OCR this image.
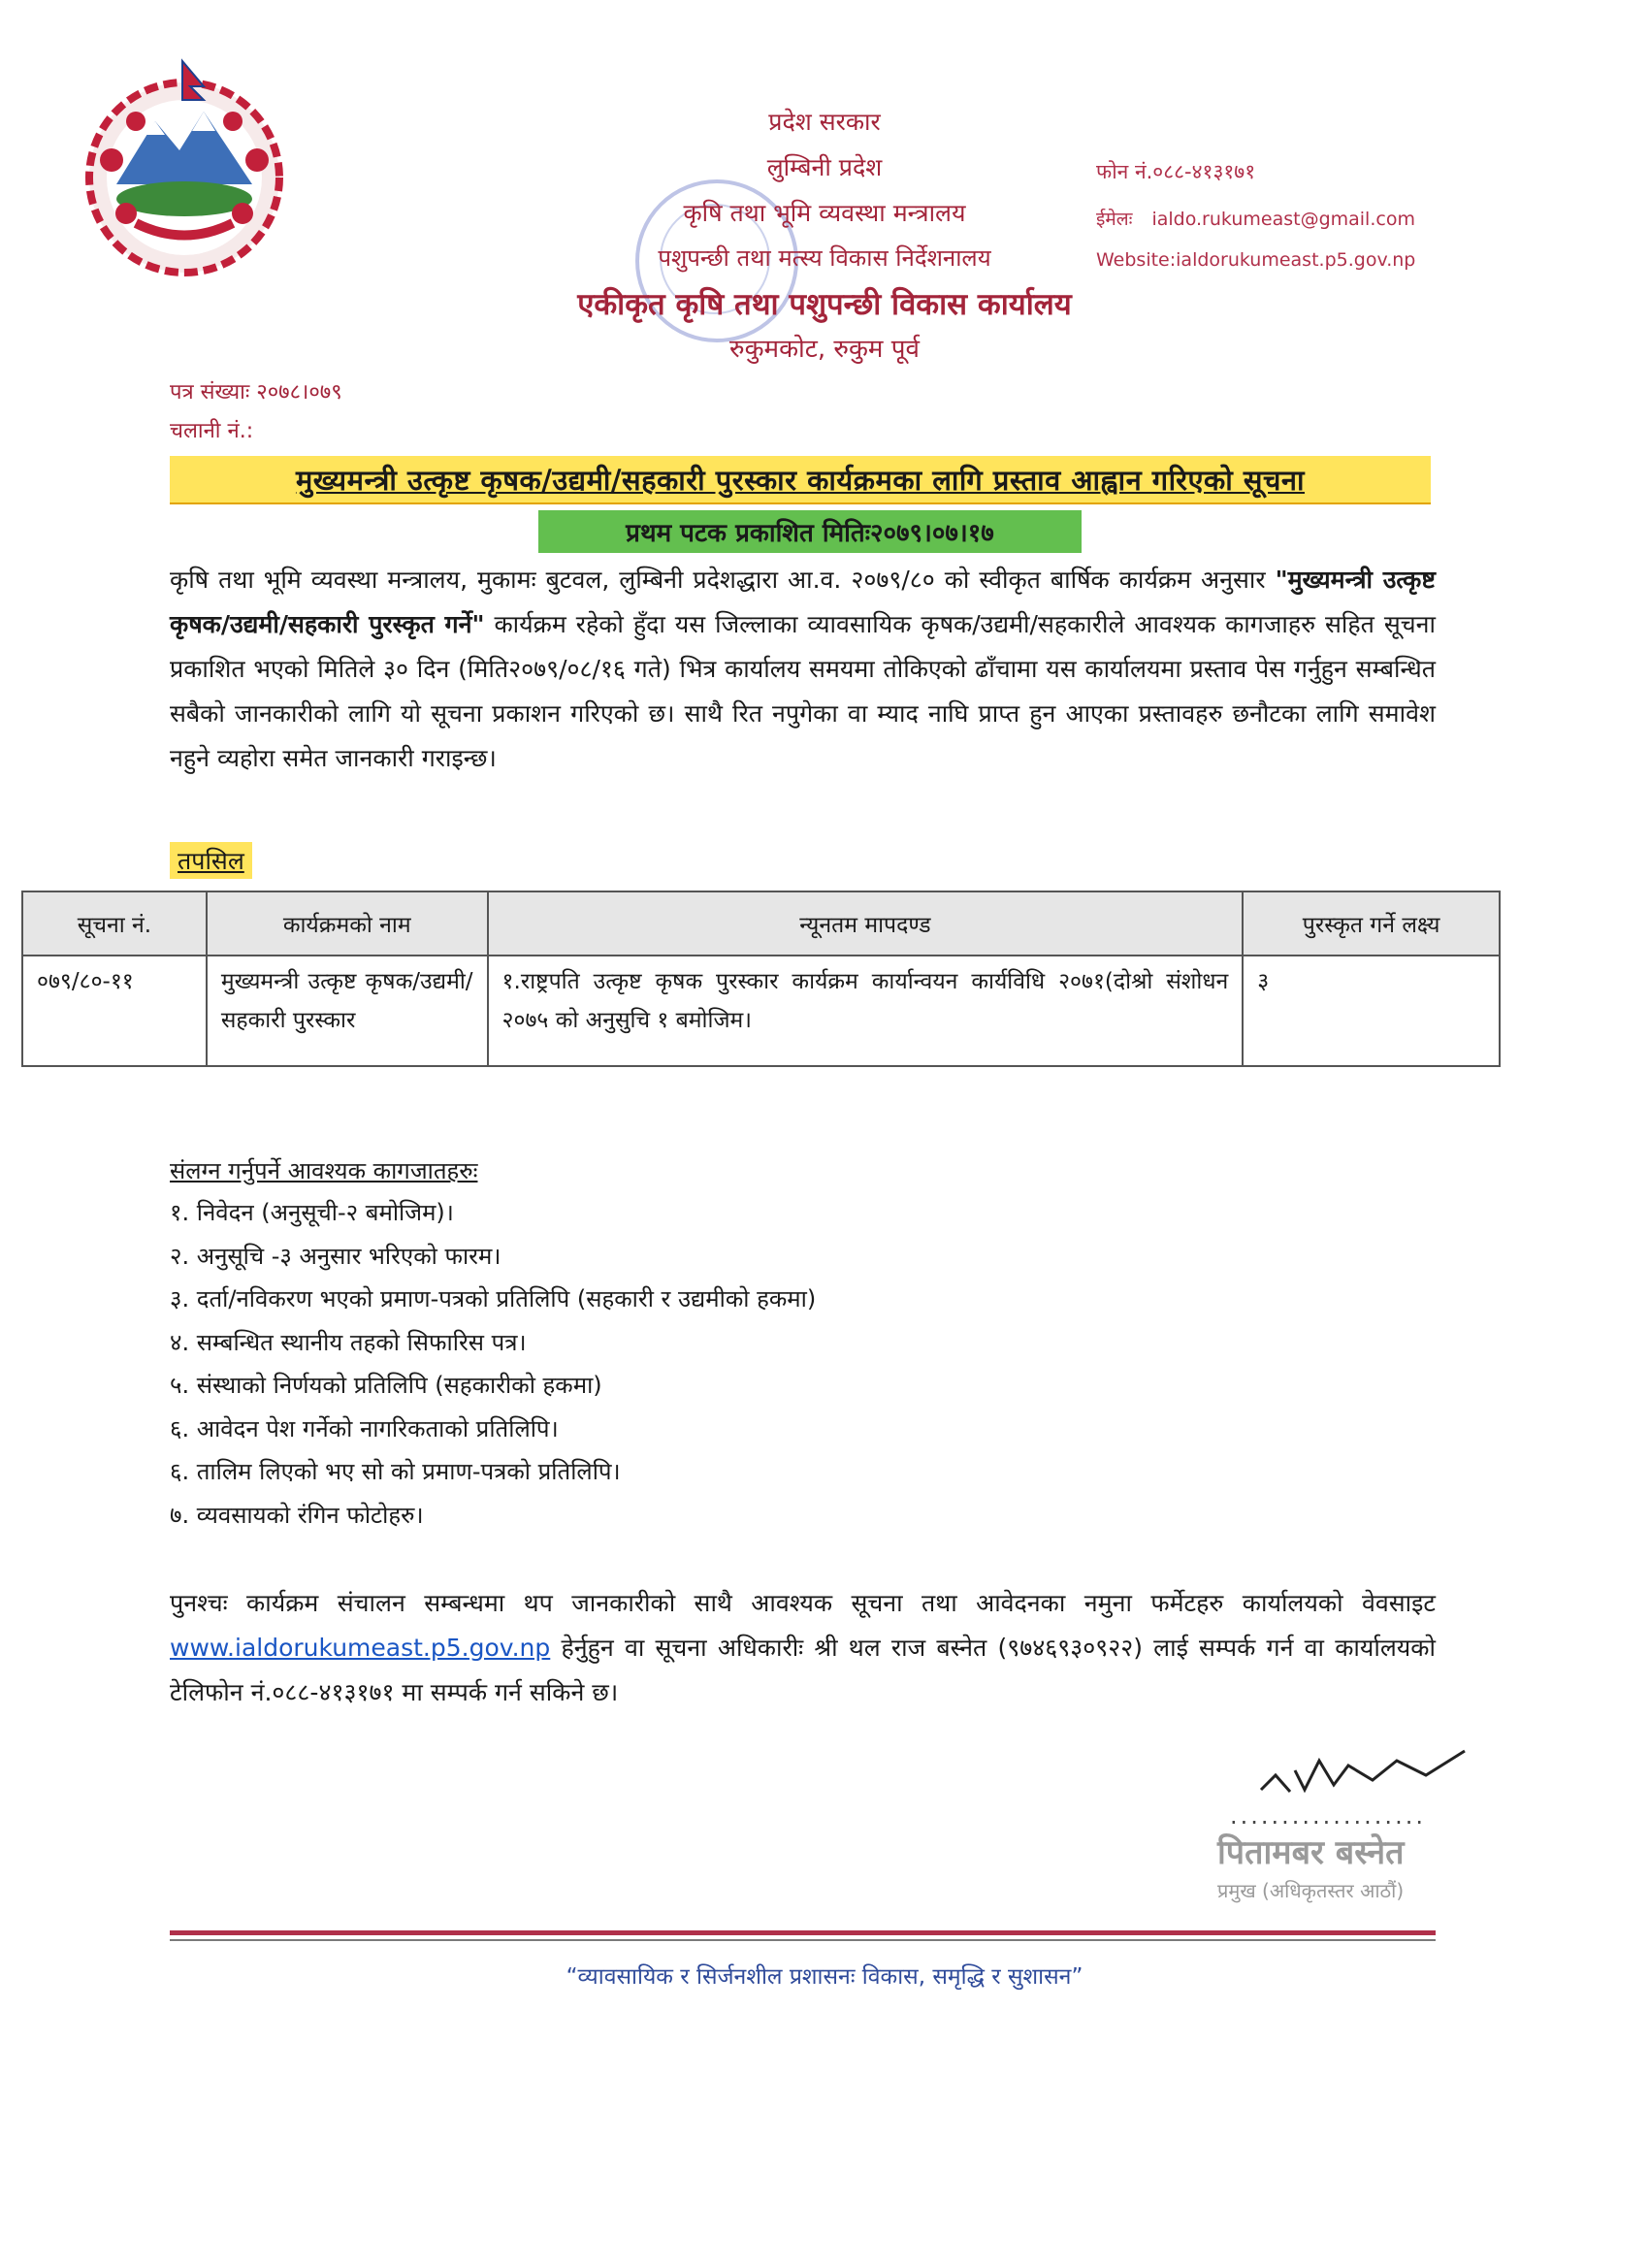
प्रदेश सरकार
लुम्बिनी प्रदेश
कृषि तथा भूमि व्यवस्था मन्त्रालय
पशुपन्छी तथा मत्स्य विकास निर्देशनालय
एकीकृत कृषि तथा पशुपन्छी विकास कार्यालय
रुकुमकोट, रुकुम पूर्व
फोन नं.०८८-४१३१७१
ईमेलः ialdo.rukumeast@gmail.com
Website:ialdorukumeast.p5.gov.np
पत्र संख्याः २०७८।०७९
चलानी नं.:
मुख्यमन्त्री उत्कृष्ट कृषक/उद्यमी/सहकारी पुरस्कार कार्यक्रमका लागि प्रस्ताव आह्वान गरिएको सूचना
प्रथम पटक प्रकाशित मितिः२०७९।०७।१७
कृषि तथा भूमि व्यवस्था मन्त्रालय, मुकामः बुटवल, लुम्बिनी प्रदेशद्धारा आ.व. २०७९/८० को स्वीकृत बार्षिक कार्यक्रम अनुसार "मुख्यमन्त्री उत्कृष्ट कृषक/उद्यमी/सहकारी पुरस्कृत गर्ने" कार्यक्रम रहेको हुँदा यस जिल्लाका व्यावसायिक कृषक/उद्यमी/सहकारीले आवश्यक कागजाहरु सहित सूचना प्रकाशित भएको मितिले ३० दिन (मिति२०७९/०८/१६ गते) भित्र कार्यालय समयमा तोकिएको ढाँचामा यस कार्यालयमा प्रस्ताव पेस गर्नुहुन सम्बन्धित सबैको जानकारीको लागि यो सूचना प्रकाशन गरिएको छ। साथै रित नपुगेका वा म्याद नाघि प्राप्त हुन आएका प्रस्तावहरु छनौटका लागि समावेश नहुने व्यहोरा समेत जानकारी गराइन्छ।
तपसिल
सूचना नं.	कार्यक्रमको नाम	न्यूनतम मापदण्ड	पुरस्कृत गर्ने लक्ष्य
०७९/८०-११	मुख्यमन्त्री उत्कृष्ट कृषक/उद्यमी/सहकारी पुरस्कार	१.राष्ट्रपति उत्कृष्ट कृषक पुरस्कार कार्यक्रम कार्यान्वयन कार्यविधि २०७१(दोश्रो संशोधन २०७५ को अनुसुचि १ बमोजिम।	३
संलग्न गर्नुपर्ने आवश्यक कागजातहरुः
१. निवेदन (अनुसूची-२ बमोजिम)।
२. अनुसूचि -३ अनुसार भरिएको फारम।
३. दर्ता/नविकरण भएको प्रमाण-पत्रको प्रतिलिपि (सहकारी र उद्यमीको हकमा)
४. सम्बन्धित स्थानीय तहको सिफारिस पत्र।
५. संस्थाको निर्णयको प्रतिलिपि (सहकारीको हकमा)
६. आवेदन पेश गर्नेको नागरिकताको प्रतिलिपि।
६. तालिम लिएको भए सो को प्रमाण-पत्रको प्रतिलिपि।
७. व्यवसायको रंगिन फोटोहरु।
पुनश्चः कार्यक्रम संचालन सम्बन्धमा थप जानकारीको साथै आवश्यक सूचना तथा आवेदनका नमुना फर्मेटहरु कार्यालयको वेवसाइट www.ialdorukumeast.p5.gov.np हेर्नुहुन वा सूचना अधिकारीः श्री थल राज बस्नेत (९७४६९३०९२२) लाई सम्पर्क गर्न वा कार्यालयको टेलिफोन नं.०८८-४१३१७१ मा सम्पर्क गर्न सकिने छ।
...................
पितामबर बस्नेत
प्रमुख (अधिकृतस्तर आठौं)
“व्यावसायिक र सिर्जनशील प्रशासनः विकास, समृद्धि र सुशासन”
